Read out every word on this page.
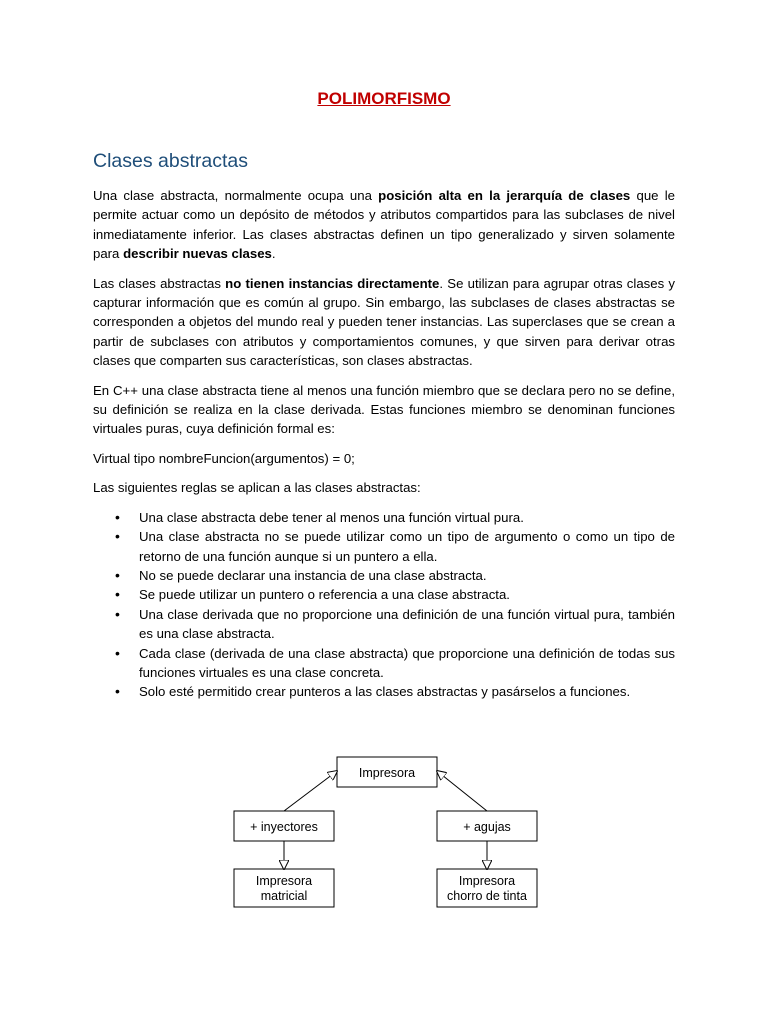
POLIMORFISMO
Clases abstractas

Una clase abstracta, normalmente ocupa una posición alta en la jerarquía de clases que le permite actuar como un depósito de métodos y atributos compartidos para las subclases de nivel inmediatamente inferior. Las clases abstractas definen un tipo generalizado y sirven solamente para describir nuevas clases.

Las clases abstractas no tienen instancias directamente. Se utilizan para agrupar otras clases y capturar información que es común al grupo. Sin embargo, las subclases de clases abstractas se corresponden a objetos del mundo real y pueden tener instancias. Las superclases que se crean a partir de subclases con atributos y comportamientos comunes, y que sirven para derivar otras clases que comparten sus características, son clases abstractas.

En C++ una clase abstracta tiene al menos una función miembro que se declara pero no se define, su definición se realiza en la clase derivada. Estas funciones miembro se denominan funciones virtuales puras, cuya definición formal es:

Virtual tipo nombreFuncion(argumentos) = 0;

Las siguientes reglas se aplican a las clases abstractas:

• Una clase abstracta debe tener al menos una función virtual pura.
• Una clase abstracta no se puede utilizar como un tipo de argumento o como un tipo de retorno de una función aunque si un puntero a ella.
• No se puede declarar una instancia de una clase abstracta.
• Se puede utilizar un puntero o referencia a una clase abstracta.
• Una clase derivada que no proporcione una definición de una función virtual pura, también es una clase abstracta.
• Cada clase (derivada de una clase abstracta) que proporcione una definición de todas sus funciones virtuales es una clase concreta.
• Solo esté permitido crear punteros a las clases abstractas y pasárselos a funciones.
Impresora
+ inyectores	+ agujas
Impresora
matricial
Impresora
chorro de tinta
